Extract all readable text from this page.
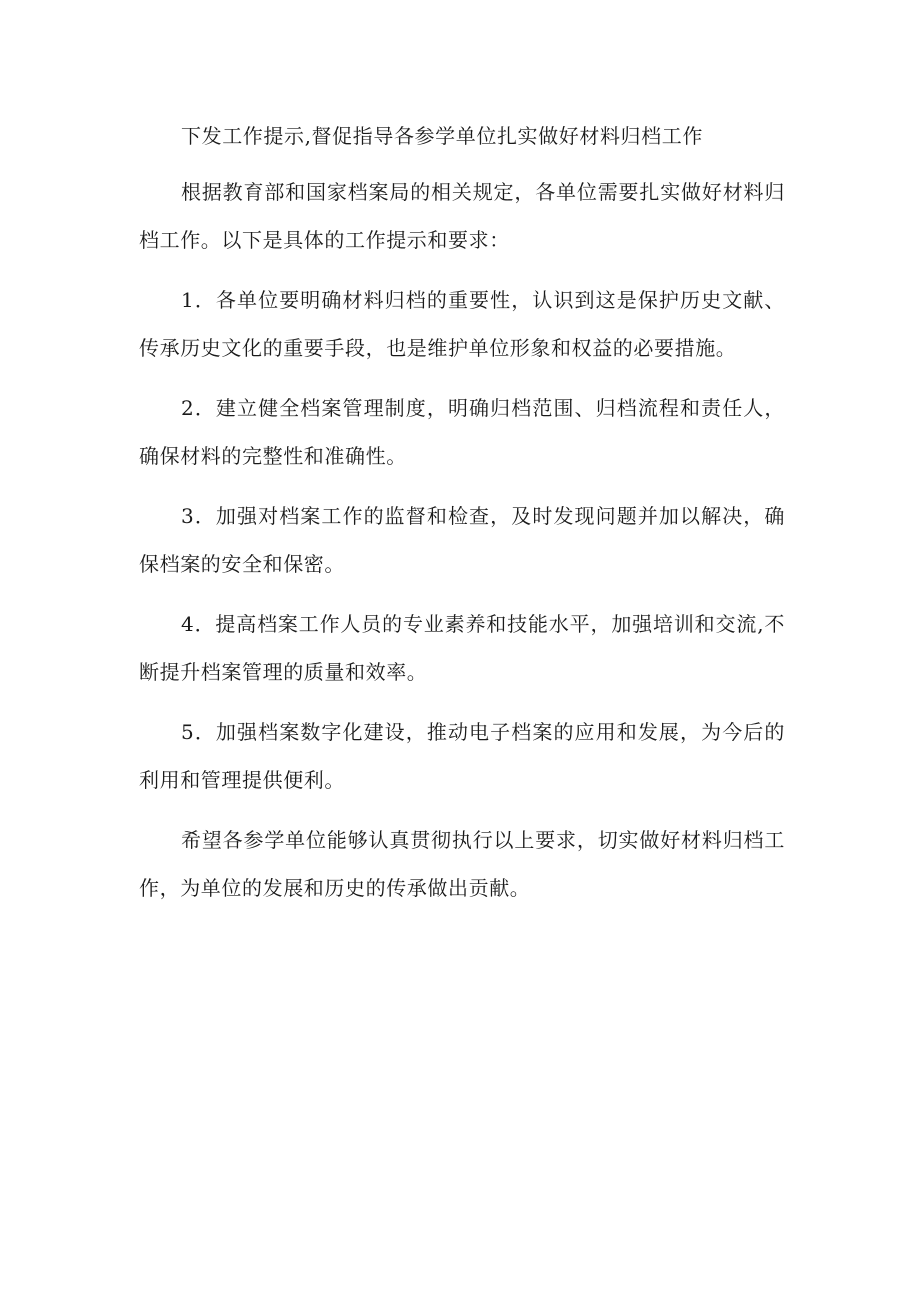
下发工作提示,督促指导各参学单位扎实做好材料归档工作

根据教育部和国家档案局的相关规定，各单位需要扎实做好材料归档工作。以下是具体的工作提示和要求：

1．各单位要明确材料归档的重要性，认识到这是保护历史文献、传承历史文化的重要手段，也是维护单位形象和权益的必要措施。

2．建立健全档案管理制度，明确归档范围、归档流程和责任人，确保材料的完整性和准确性。

3．加强对档案工作的监督和检查，及时发现问题并加以解决，确保档案的安全和保密。

4．提高档案工作人员的专业素养和技能水平，加强培训和交流,不断提升档案管理的质量和效率。

5．加强档案数字化建设，推动电子档案的应用和发展，为今后的利用和管理提供便利。

希望各参学单位能够认真贯彻执行以上要求，切实做好材料归档工作，为单位的发展和历史的传承做出贡献。
